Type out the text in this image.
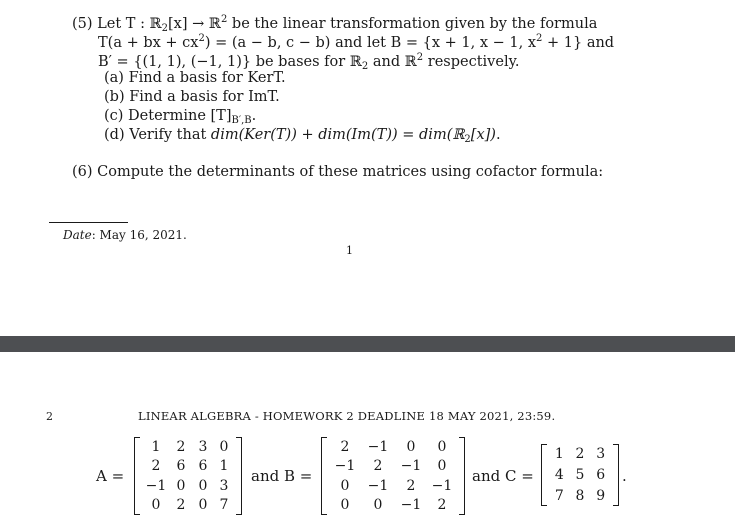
(5) Let T : ℝ$_2$[x] → ℝ$^2$ be the linear transformation given by the formula
T(a + bx + $cx^2) = (a - b$, c − b) and let B = {x + 1, x − 1, $x^2 + 1$} and
B′ = {(1, 1), (−1, 1)} be bases for ℝ$_2$ and ℝ$^2$ respectively.
(a) Find a basis for KerT.
(b) Find a basis for ImT.
(c) Determine $[T]_{B',B}$.
(d) Verify that dim(Ker(T)) + dim(Im(T)) = dim(ℝ$_2$[x]).
(6) Compute the determinants of these matrices using cofactor formula:
Date: May 16, 2021.
1
2	LINEAR ALGEBRA - HOMEWORK 2 DEADLINE 18 MAY 2021, 23:59.
A =
1	2 3 0
2	6 6 1
−1 0 0 3
0	2 0 7
and B =
2	−1	0	0
−1	2	−1	0
0	−1	2	−1
0	0	−1	2
and C =
1 2 3
4 5 6
7 8 9
.
